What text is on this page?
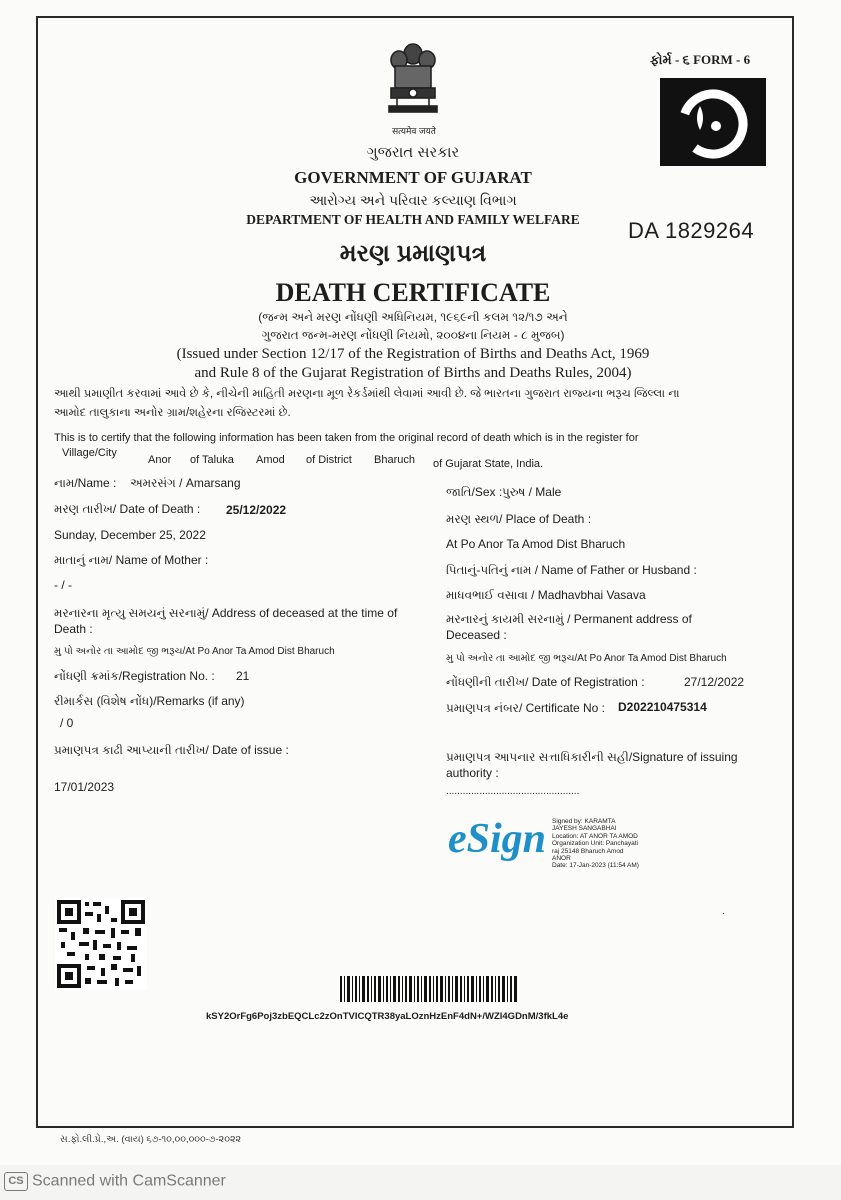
सत्यमेव जयते
ફોર્મ - ૬ FORM - 6
ગુજરાત સરકાર
GOVERNMENT OF GUJARAT
આરોગ્ય અને પરિવાર કલ્યાણ વિભાગ
DEPARTMENT OF HEALTH AND FAMILY WELFARE	DA 1829264
મરણ પ્રમાણપત્ર
DEATH CERTIFICATE
(જન્મ અને મરણ નોંધણી અધિનિયમ, ૧૯૬૯ની કલમ ૧૨/૧૭ અને
ગુજરાત જન્મ-મરણ નોંધણી નિયમો, ૨૦૦૪ના નિયમ - ૮ મુજબ)
(Issued under Section 12/17 of the Registration of Births and Deaths Act, 1969
and Rule 8 of the Gujarat Registration of Births and Deaths Rules, 2004)
આથી પ્રમાણીત કરવામાં આવે છે કે, નીચેની માહિતી મરણના મૂળ રેકર્ડમાંથી લેવામાં આવી છે. જે ભારતના ગુજરાત રાજ્યના ભરૂચ જિલ્લા ના
આમોદ તાલુકાના અનોર ગ્રામ/શહેરના રજિસ્ટરમાં છે.
This is to certify that the following information has been taken from the original record of death which is in the register for
Village/City
Anor of Taluka Amod of District Bharuch of Gujarat State, India.
નામ/Name : અમરસંગ / Amarsang
મરણ તારીખ/ Date of Death : 25/12/2022
Sunday, December 25, 2022
માતાનું નામ/ Name of Mother :
- / -
મરનારના મૃત્યુ સમયનું સરનામું/ Address of deceased at the time of
Death :
મુ પો અનોર તા આમોદ જી ભરૂચ/At Po Anor Ta Amod Dist Bharuch
નોંધણી ક્રમાંક/Registration No. : 21
રીમાર્કસ (વિશેષ નોંધ)/Remarks (if any)
/ 0
પ્રમાણપત્ર કાઢી આપ્યાની તારીખ/ Date of issue :
17/01/2023
જાતિ/Sex : પુરુષ / Male
મરણ સ્થળ/ Place of Death :
At Po Anor Ta Amod Dist Bharuch
પિતાનું-પતિનું નામ / Name of Father or Husband :
માધવભાઈ વસાવા / Madhavbhai Vasava
મરનારનું કાયમી સરનામું / Permanent address of
Deceased :
મુ પો અનોર તા આમોદ જી ભરૂચ/At Po Anor Ta Amod Dist Bharuch
નોંધણીની તારીખ/ Date of Registration :	27/12/2022
પ્રમાણપત્ર નંબર/ Certificate No : D202210475314
પ્રમાણપત્ર આપનાર સત્તાધિકારીની સહી/Signature of issuing
authority :
................................................
eSign Signed by: KARAMTA
JAYESH SANGABHAI
Location: AT ANOR TA AMOD
Organization Unit: Panchayati
raj 25148 Bharuch Amod
ANOR
Date: 17-Jan-2023 (11:54 AM)
kSY2OrFg6Poj3zbEQCLc2zOnTVICQTR38yaLOznHzEnF4dN+/WZl4GDnM/3fkL4e
·
સ.ફો.લી.પ્રે.,અ. (વાય) ૬૭-૧૦,૦૦,૦૦૦-૭-૨૦૨૨
CS Scanned with CamScanner
